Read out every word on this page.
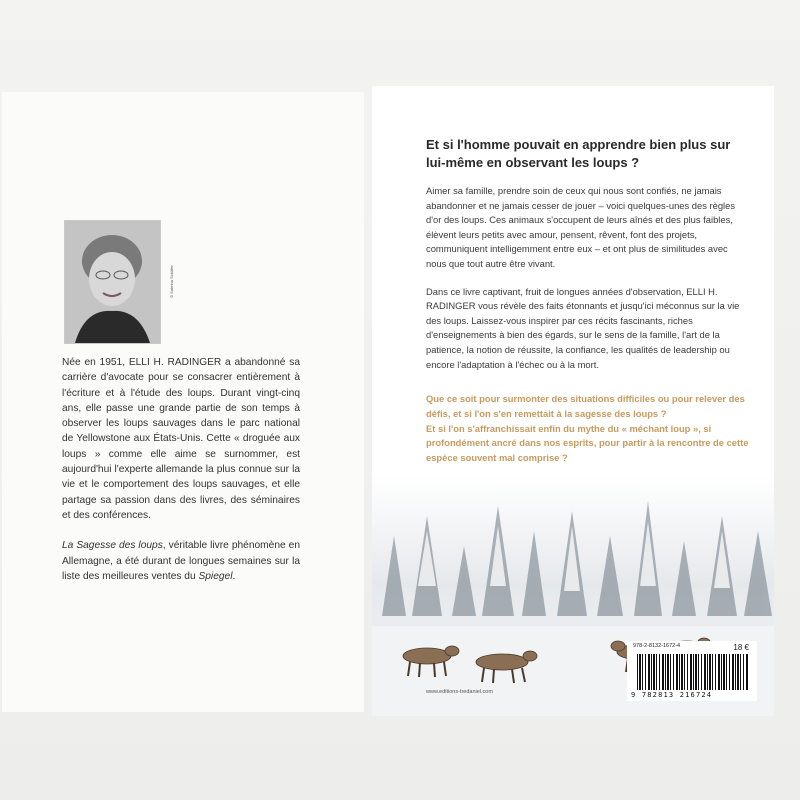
© Sabrina Schäfer

Née en 1951, ELLI H. RADINGER a abandonné sa carrière d'avocate pour se consacrer entièrement à l'écriture et à l'étude des loups. Durant vingt-cinq ans, elle passe une grande partie de son temps à observer les loups sauvages dans le parc national de Yellowstone aux États-Unis. Cette « droguée aux loups » comme elle aime se surnommer, est aujourd'hui l'experte allemande la plus connue sur la vie et le comportement des loups sauvages, et elle partage sa passion dans des livres, des séminaires et des conférences.

La Sagesse des loups, véritable livre phénomène en Allemagne, a été durant de longues semaines sur la liste des meilleures ventes du Spiegel.

Et si l'homme pouvait en apprendre bien plus sur lui-même en observant les loups ?

Aimer sa famille, prendre soin de ceux qui nous sont confiés, ne jamais abandonner et ne jamais cesser de jouer – voici quelques-unes des règles d'or des loups. Ces animaux s'occupent de leurs aînés et des plus faibles, élèvent leurs petits avec amour, pensent, rêvent, font des projets, communiquent intelligemment entre eux – et ont plus de similitudes avec nous que tout autre être vivant.

Dans ce livre captivant, fruit de longues années d'observation, ELLI H. RADINGER vous révèle des faits étonnants et jusqu'ici méconnus sur la vie des loups. Laissez-vous inspirer par ces récits fascinants, riches d'enseignements à bien des égards, sur le sens de la famille, l'art de la patience, la notion de réussite, la confiance, les qualités de leadership ou encore l'adaptation à l'échec ou à la mort.

Que ce soit pour surmonter des situations difficiles ou pour relever des défis, et si l'on s'en remettait à la sagesse des loups ?

Et si l'on s'affranchissait enfin du mythe du « méchant loup », si profondément ancré dans nos esprits, pour partir à la rencontre de cette espèce souvent mal comprise ?

www.editions-tredaniel.com
978-2-8132-1672-4	18 €
9 782813 216724
